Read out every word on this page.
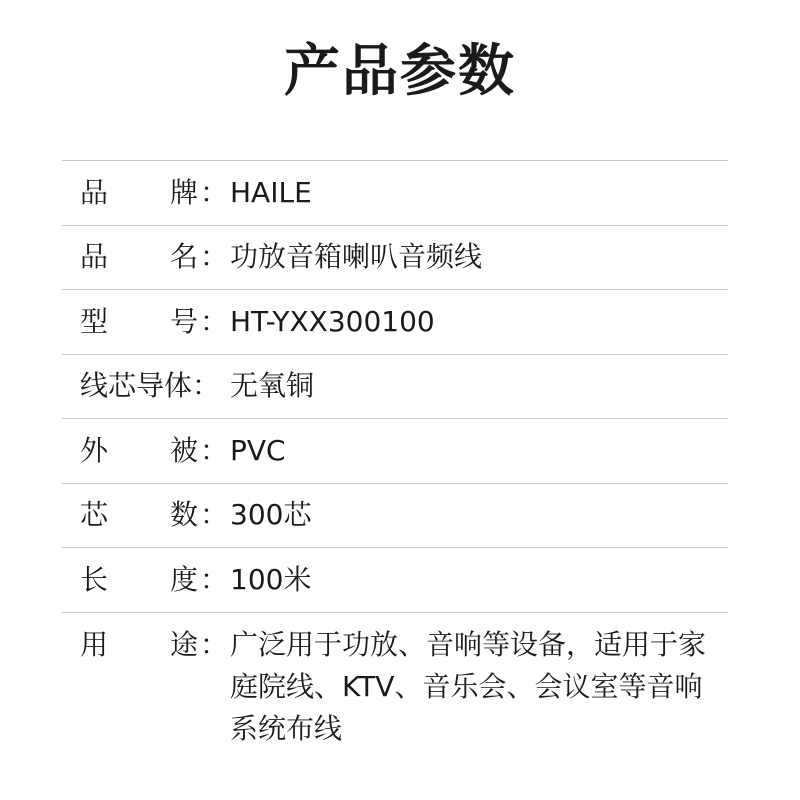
产品参数
品 牌 ： HAILE
品 名 ： 功放音箱喇叭音频线
型 号 ： HT-YXX300100
线芯导体： 无氧铜
外 被 ： PVC
芯 数 ： 300芯
长 度 ： 100米
用 途 ： 广泛用于功放、音响等设备，适用于家庭院线、KTV、音乐会、会议室等音响系统布线
